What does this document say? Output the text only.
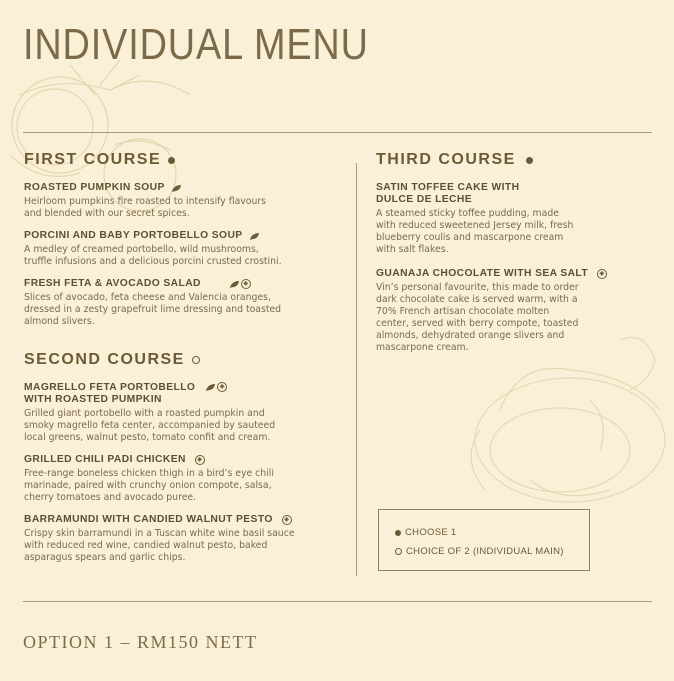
INDIVIDUAL MENU
FIRST COURSE
ROASTED PUMPKIN SOUP
Heirloom pumpkins fire roasted to intensify flavours
and blended with our secret spices.
PORCINI AND BABY PORTOBELLO SOUP
A medley of creamed portobello, wild mushrooms,
truffle infusions and a delicious porcini crusted crostini.
FRESH FETA & AVOCADO SALAD	◈
Slices of avocado, feta cheese and Valencia oranges,
dressed in a zesty grapefruit lime dressing and toasted
almond slivers.
SECOND COURSE
MAGRELLO FETA PORTOBELLO
WITH ROASTED PUMPKIN
◈
Grilled giant portobello with a roasted pumpkin and
smoky magrello feta center, accompanied by sauteed
local greens, walnut pesto, tomato confit and cream.
GRILLED CHILI PADI CHICKEN	◈
Free-range boneless chicken thigh in a bird’s eye chili
marinade, paired with crunchy onion compote, salsa,
cherry tomatoes and avocado puree.
BARRAMUNDI WITH CANDIED WALNUT PESTO	◈
Crispy skin barramundi in a Tuscan white wine basil sauce
with reduced red wine, candied walnut pesto, baked
asparagus spears and garlic chips.
THIRD COURSE
SATIN TOFFEE CAKE WITH
DULCE DE LECHE
A steamed sticky toffee pudding, made
with reduced sweetened Jersey milk, fresh
blueberry coulis and mascarpone cream
with salt flakes.
GUANAJA CHOCOLATE WITH SEA SALT	◈
Vin’s personal favourite, this made to order
dark chocolate cake is served warm, with a
70% French artisan chocolate molten
center, served with berry compote, toasted
almonds, dehydrated orange slivers and
mascarpone cream.
CHOOSE 1
CHOICE OF 2 (INDIVIDUAL MAIN)
OPTION 1 – RM150 NETT
